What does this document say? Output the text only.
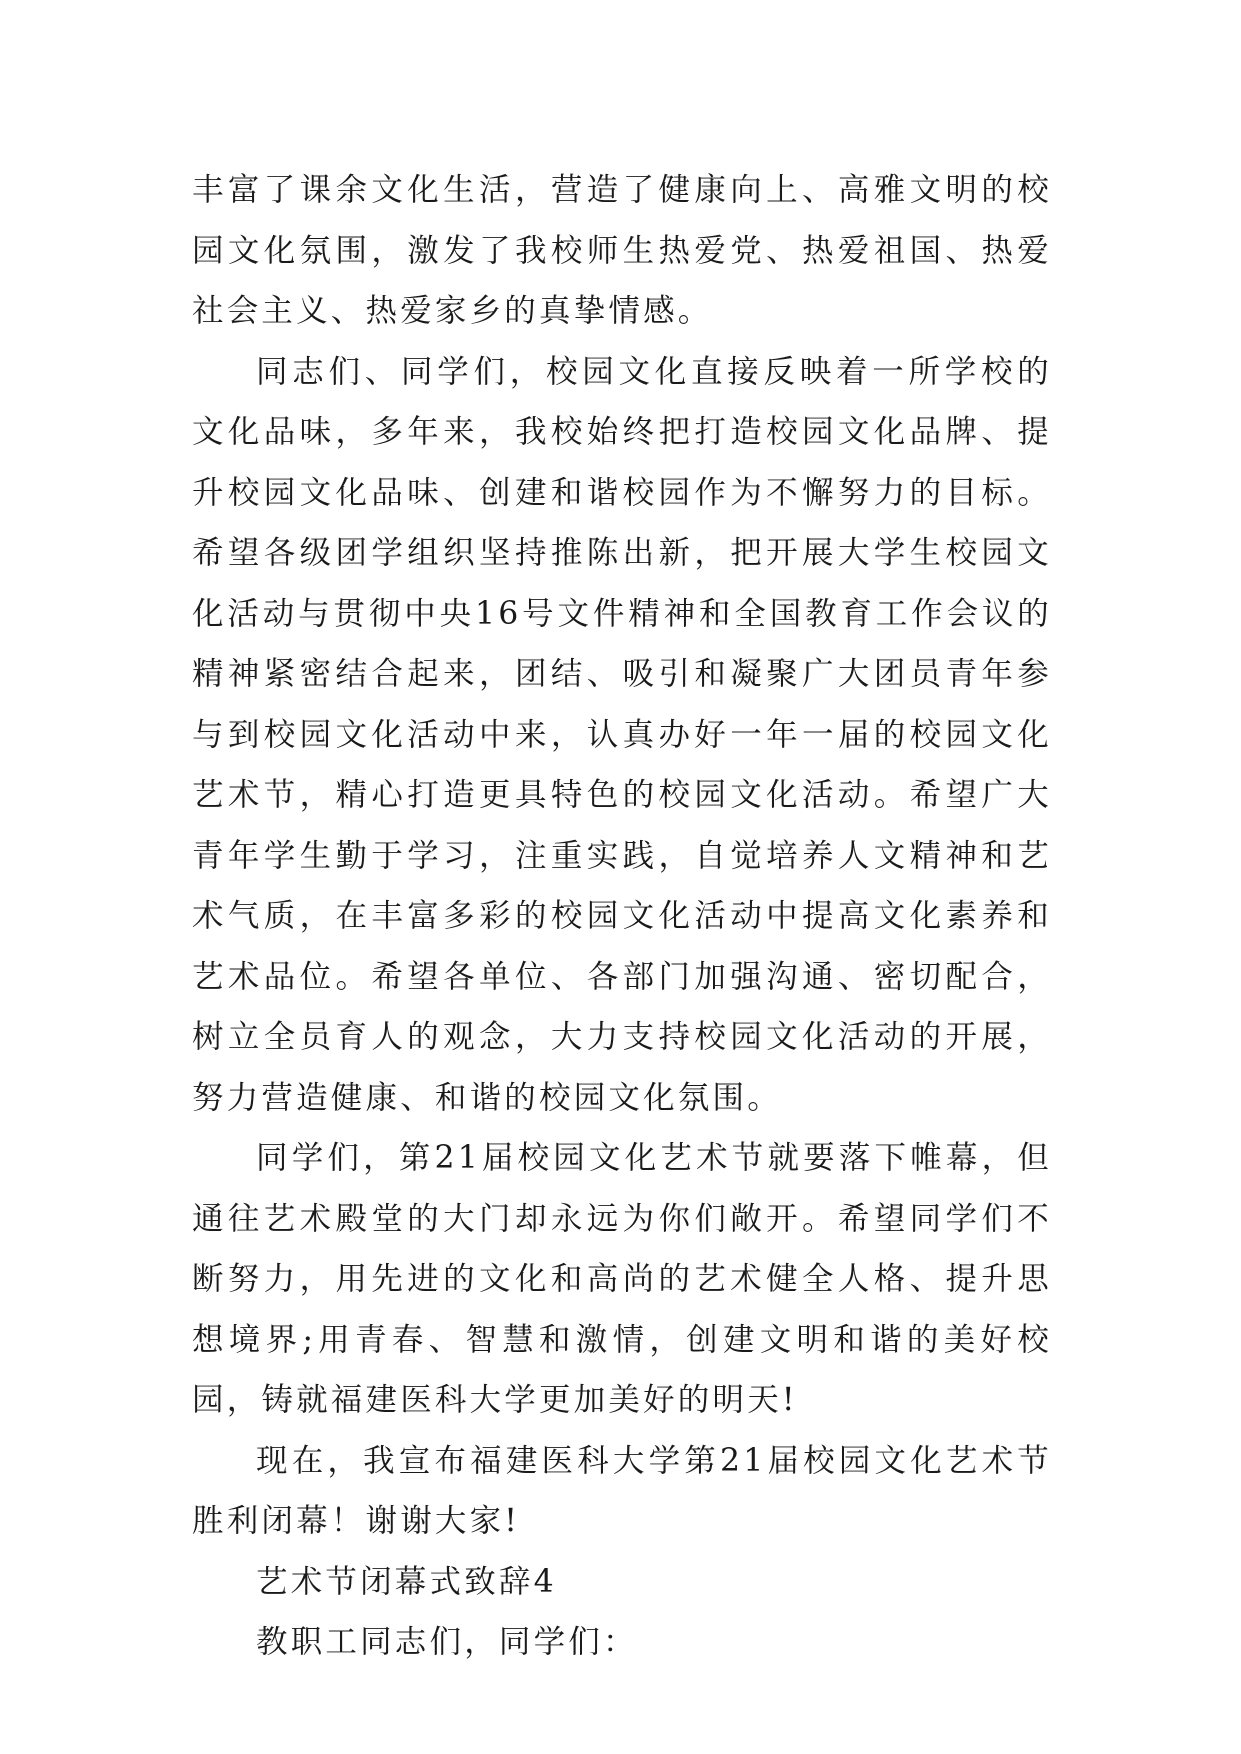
丰富了课余文化生活，营造了健康向上、高雅文明的校园文化氛围，激发了我校师生热爱党、热爱祖国、热爱社会主义、热爱家乡的真挚情感。

同志们、同学们，校园文化直接反映着一所学校的文化品味，多年来，我校始终把打造校园文化品牌、提升校园文化品味、创建和谐校园作为不懈努力的目标。希望各级团学组织坚持推陈出新，把开展大学生校园文化活动与贯彻中央16号文件精神和全国教育工作会议的精神紧密结合起来，团结、吸引和凝聚广大团员青年参与到校园文化活动中来，认真办好一年一届的校园文化艺术节，精心打造更具特色的校园文化活动。希望广大青年学生勤于学习，注重实践，自觉培养人文精神和艺术气质，在丰富多彩的校园文化活动中提高文化素养和艺术品位。希望各单位、各部门加强沟通、密切配合，树立全员育人的观念，大力支持校园文化活动的开展，努力营造健康、和谐的校园文化氛围。

同学们，第21届校园文化艺术节就要落下帷幕，但通往艺术殿堂的大门却永远为你们敞开。希望同学们不断努力，用先进的文化和高尚的艺术健全人格、提升思想境界;用青春、智慧和激情，创建文明和谐的美好校园，铸就福建医科大学更加美好的明天!

现在，我宣布福建医科大学第21届校园文化艺术节胜利闭幕！谢谢大家!

艺术节闭幕式致辞4

教职工同志们，同学们：
